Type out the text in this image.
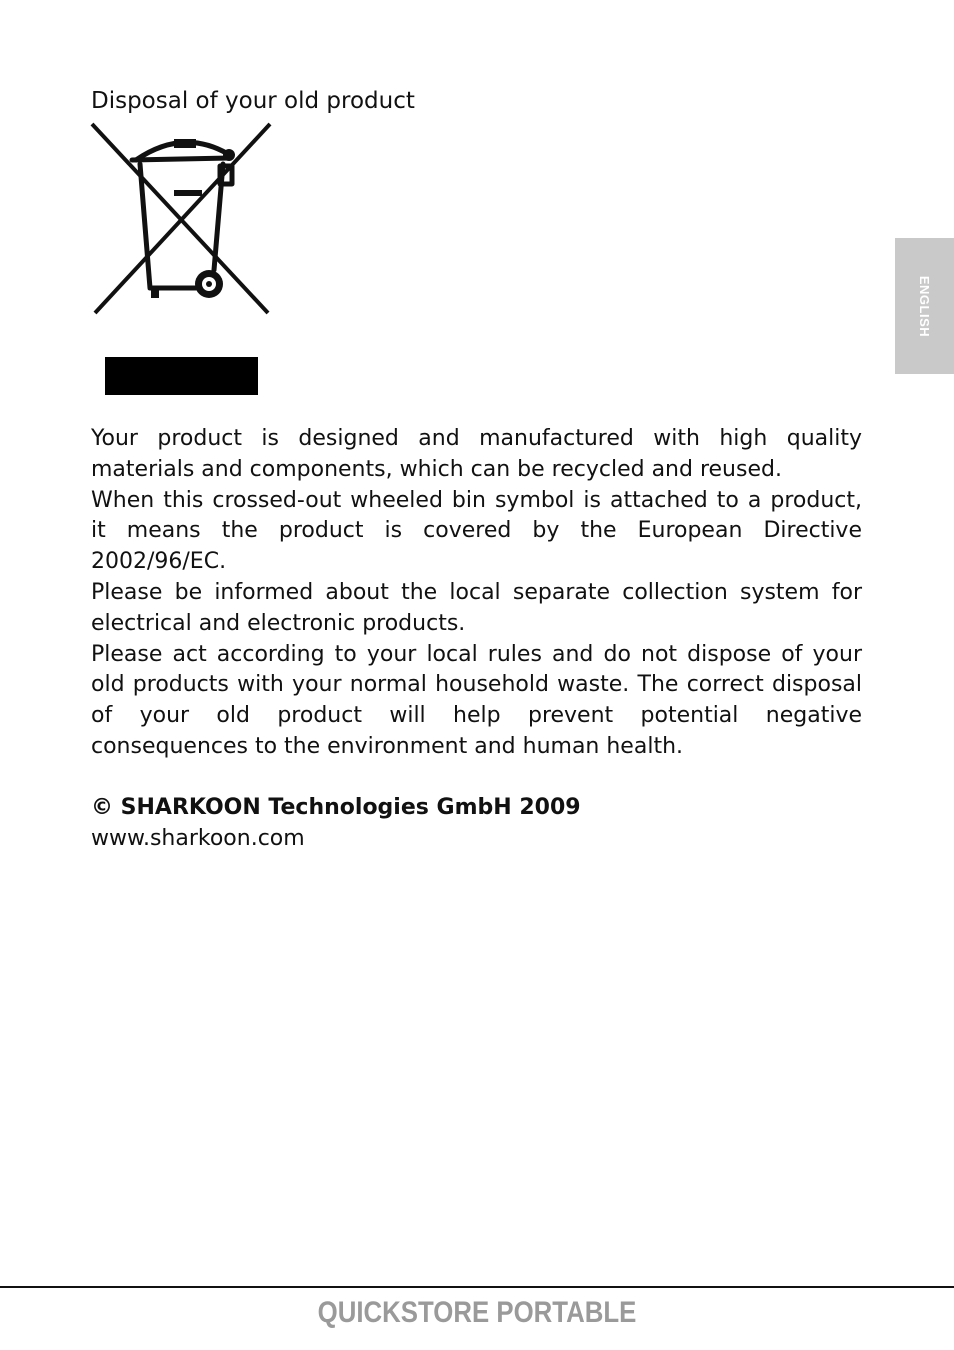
Disposal of your old product

Your product is designed and manufactured with high quality materials and components, which can be recycled and reused.

When this crossed-out wheeled bin symbol is attached to a product, it means the product is covered by the European Directive 2002/96/EC.

Please be informed about the local separate collection system for electrical and electronic products.

Please act according to your local rules and do not dispose of your old products with your normal household waste. The correct disposal of your old product will help prevent potential negative consequences to the environment and human health.

© SHARKOON Technologies GmbH 2009
www.sharkoon.com
ENGLISH
QUICKSTORE PORTABLE
